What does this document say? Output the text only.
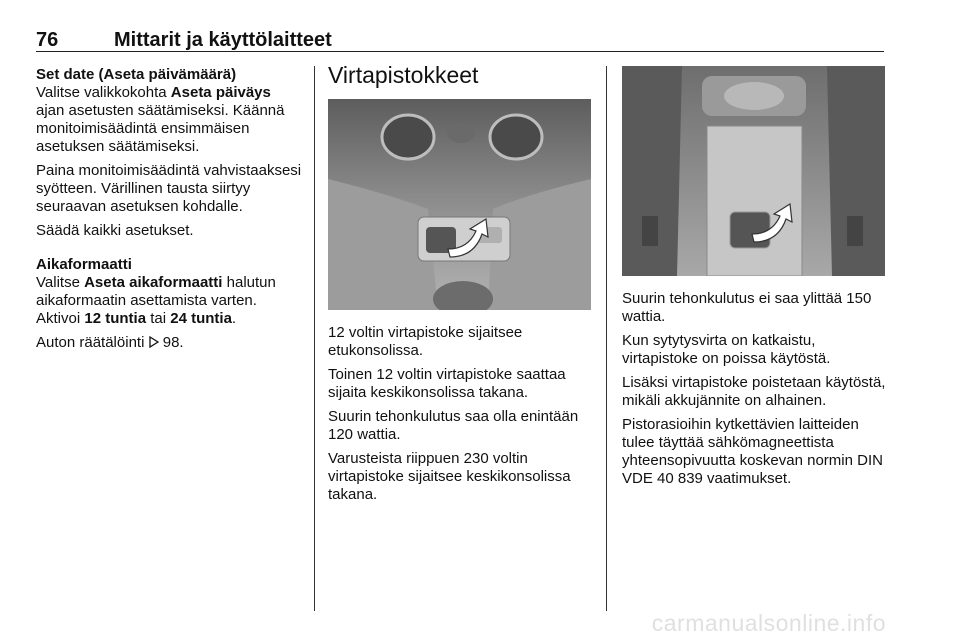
76	Mittarit ja käyttölaitteet

Set date (Aseta päivämäärä)

Valitse valikkokohta Aseta päiväys ajan asetusten säätämiseksi. Käännä monitoimisäädintä ensimmäisen asetuksen säätämiseksi.

Paina monitoimisäädintä vahvistaaksesi syötteen. Värillinen tausta siirtyy seuraavan asetuksen kohdalle.

Säädä kaikki asetukset.

Aikaformaatti

Valitse Aseta aikaformaatti halutun aikaformaatin asettamista varten. Aktivoi 12 tuntia tai 24 tuntia.

Auton räätälöinti 98.

Virtapistokkeet

12 voltin virtapistoke sijaitsee etukonsolissa.

Toinen 12 voltin virtapistoke saattaa sijaita keskikonsolissa takana.

Suurin tehonkulutus saa olla enintään 120 wattia.

Varusteista riippuen 230 voltin virtapistoke sijaitsee keskikonsolissa takana.

Suurin tehonkulutus ei saa ylittää 150 wattia.

Kun sytytysvirta on katkaistu, virtapistoke on poissa käytöstä.

Lisäksi virtapistoke poistetaan käytöstä, mikäli akkujännite on alhainen.

Pistorasioihin kytkettävien laitteiden tulee täyttää sähkömagneettista yhteensopivuutta koskevan normin DIN VDE 40 839 vaatimukset.

carmanualsonline.info
